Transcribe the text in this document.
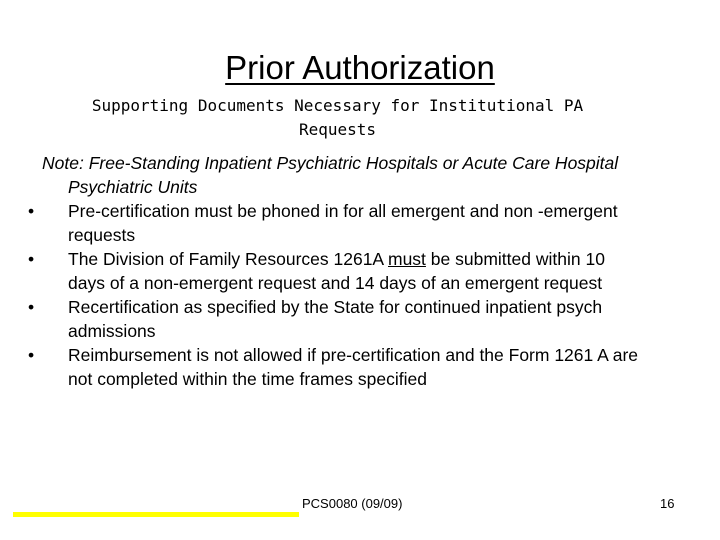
Prior Authorization
Supporting Documents Necessary for Institutional PA Requests
Note: Free-Standing Inpatient Psychiatric Hospitals or Acute Care Hospital Psychiatric Units
• Pre-certification must be phoned in for all emergent and non -emergent requests
• The Division of Family Resources 1261A must be submitted within 10 days of a non-emergent request and 14 days of an emergent request
• Recertification as specified by the State for continued inpatient psych admissions
• Reimbursement is not allowed if pre-certification and the Form 1261 A are not completed within the time frames specified
PCS0080 (09/09)	16
